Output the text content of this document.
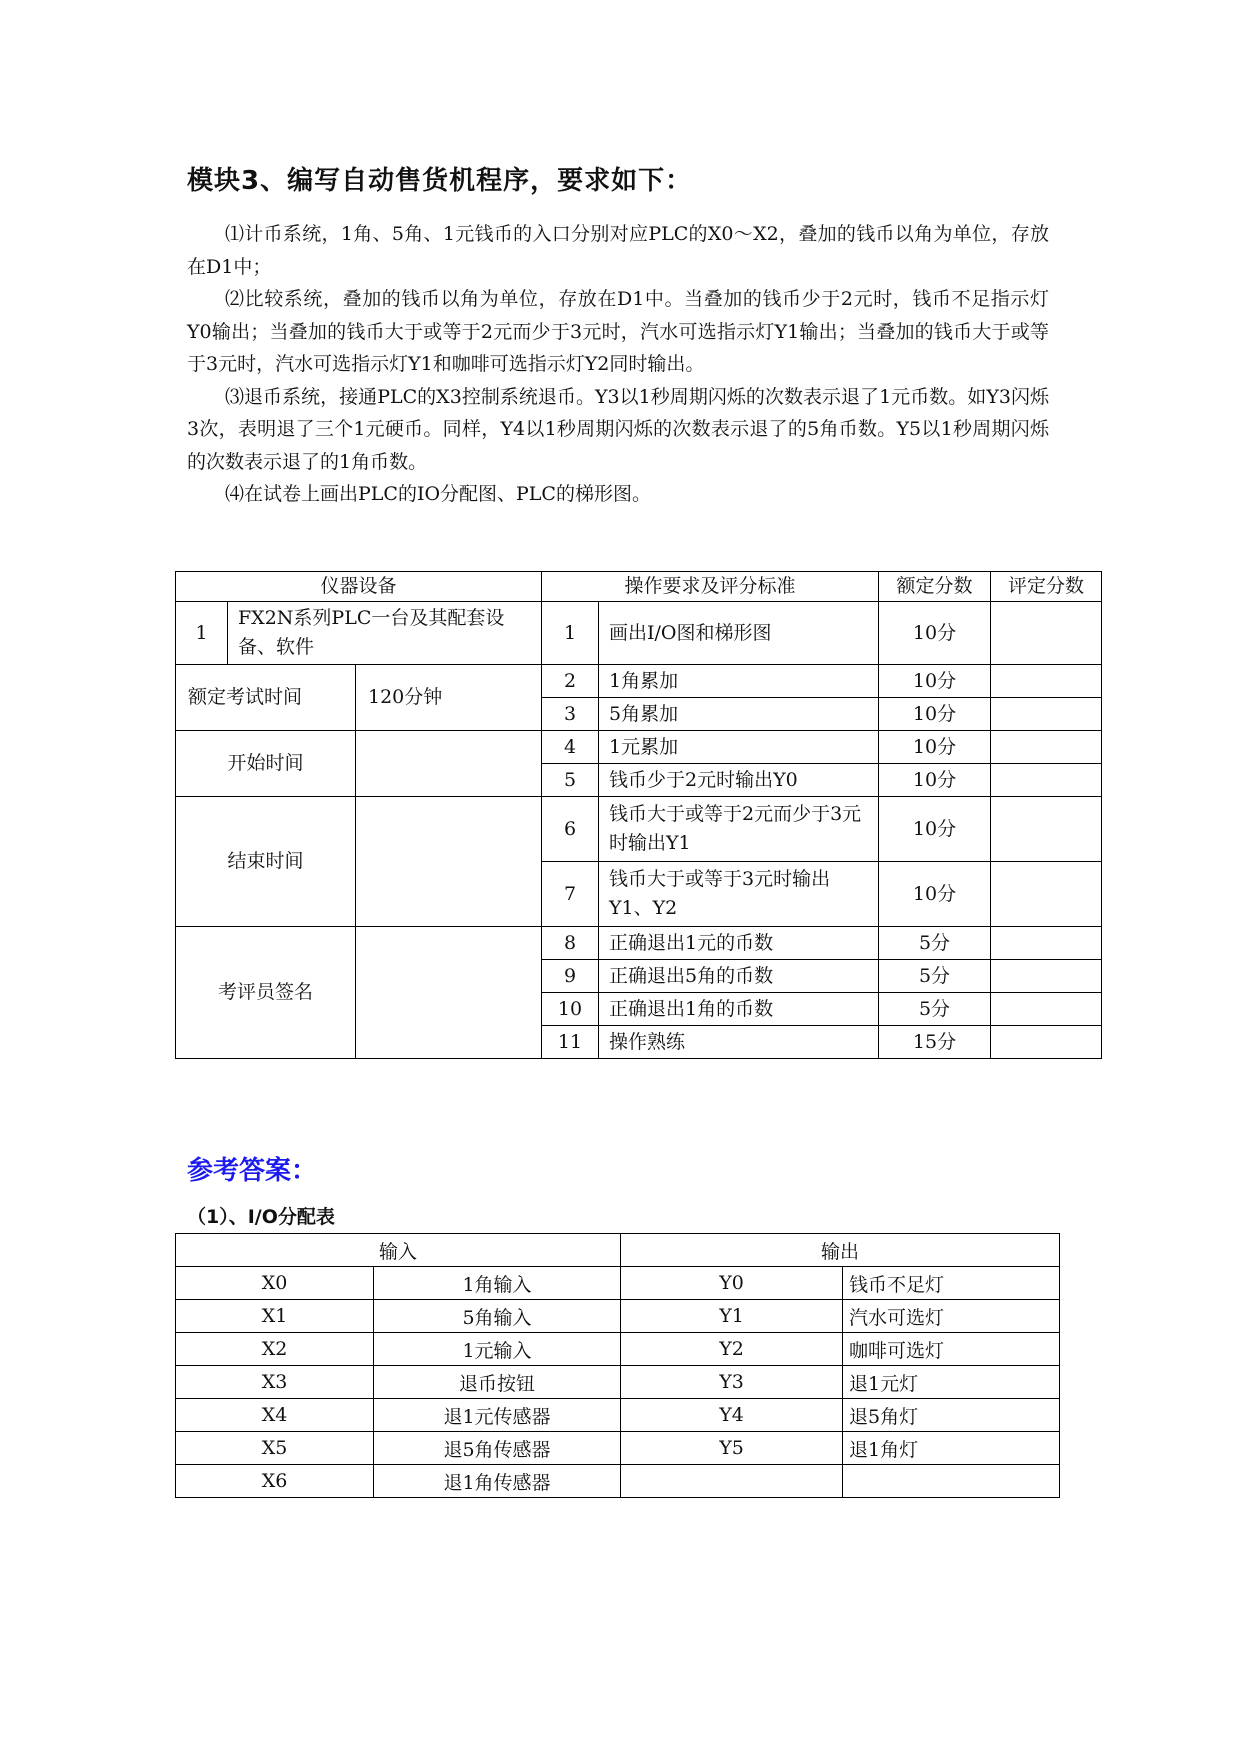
模块3、编写自动售货机程序，要求如下：

⑴计币系统，1角、5角、1元钱币的入口分别对应PLC的X0～X2，叠加的钱币以角为单位，存放在D1中；

⑵比较系统，叠加的钱币以角为单位，存放在D1中。当叠加的钱币少于2元时，钱币不足指示灯Y0输出；当叠加的钱币大于或等于2元而少于3元时，汽水可选指示灯Y1输出；当叠加的钱币大于或等于3元时，汽水可选指示灯Y1和咖啡可选指示灯Y2同时输出。

⑶退币系统，接通PLC的X3控制系统退币。Y3以1秒周期闪烁的次数表示退了1元币数。如Y3闪烁3次，表明退了三个1元硬币。同样，Y4以1秒周期闪烁的次数表示退了的5角币数。Y5以1秒周期闪烁的次数表示退了的1角币数。

⑷在试卷上画出PLC的IO分配图、PLC的梯形图。

仪器设备			操作要求及评分标准		额定分数	评定分数
1	FX2N系列PLC一台及其配套设备、软件		1	画出I/O图和梯形图	10分	
额定考试时间		120分钟	2	1角累加	10分	
			3	5角累加	10分	
开始时间			4	1元累加	10分	
			5	钱币少于2元时输出Y0	10分	
结束时间			6	钱币大于或等于2元而少于3元时输出Y1	10分	
			7	钱币大于或等于3元时输出Y1、Y2	10分	
考评员签名			8	正确退出1元的币数	5分	
			9	正确退出5角的币数	5分	
			10	正确退出1角的币数	5分	
			11	操作熟练	15分	
参考答案：
（1）、I/O分配表
输入		输出	
X0	1角输入	Y0	钱币不足灯
X1	5角输入	Y1	汽水可选灯
X2	1元输入	Y2	咖啡可选灯
X3	退币按钮	Y3	退1元灯
X4	退1元传感器	Y4	退5角灯
X5	退5角传感器	Y5	退1角灯
X6	退1角传感器		
